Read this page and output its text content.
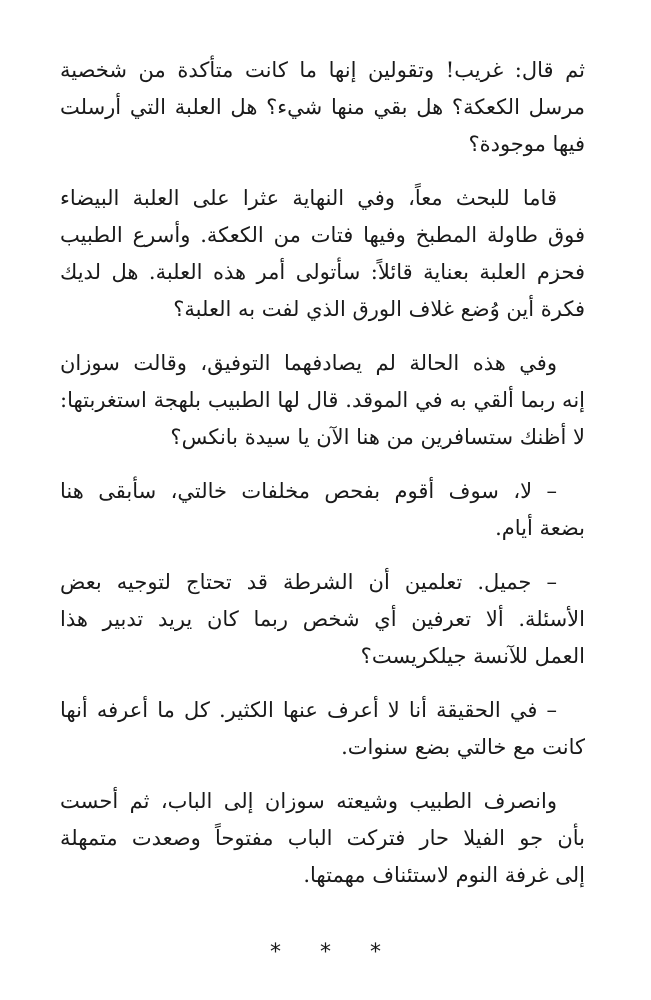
ثم قال: غريب! وتقولين إنها ما كانت متأكدة من شخصية
مرسل الكعكة؟ هل بقي منها شيء؟ هل العلبة التي أرسلت
فيها موجودة؟

قاما للبحث معاً، وفي النهاية عثرا على العلبة البيضاء
فوق طاولة المطبخ وفيها فتات من الكعكة. وأسرع الطبيب
فحزم العلبة بعناية قائلاً: سأتولى أمر هذه العلبة. هل لديك
فكرة أين وُضع غلاف الورق الذي لفت به العلبة؟

وفي هذه الحالة لم يصادفهما التوفيق، وقالت سوزان
إنه ربما ألقي به في الموقد. قال لها الطبيب بلهجة استغربتها:
لا أظنك ستسافرين من هنا الآن يا سيدة بانكس؟

– لا، سوف أقوم بفحص مخلفات خالتي، سأبقى هنا
بضعة أيام.

– جميل. تعلمين أن الشرطة قد تحتاج لتوجيه بعض
الأسئلة. ألا تعرفين أي شخص ربما كان يريد تدبير هذا
العمل للآنسة جيلكريست؟

– في الحقيقة أنا لا أعرف عنها الكثير. كل ما أعرفه أنها
كانت مع خالتي بضع سنوات.

وانصرف الطبيب وشيعته سوزان إلى الباب، ثم أحست
بأن جو الفيلا حار فتركت الباب مفتوحاً وصعدت متمهلة
إلى غرفة النوم لاستئناف مهمتها.

* * *
